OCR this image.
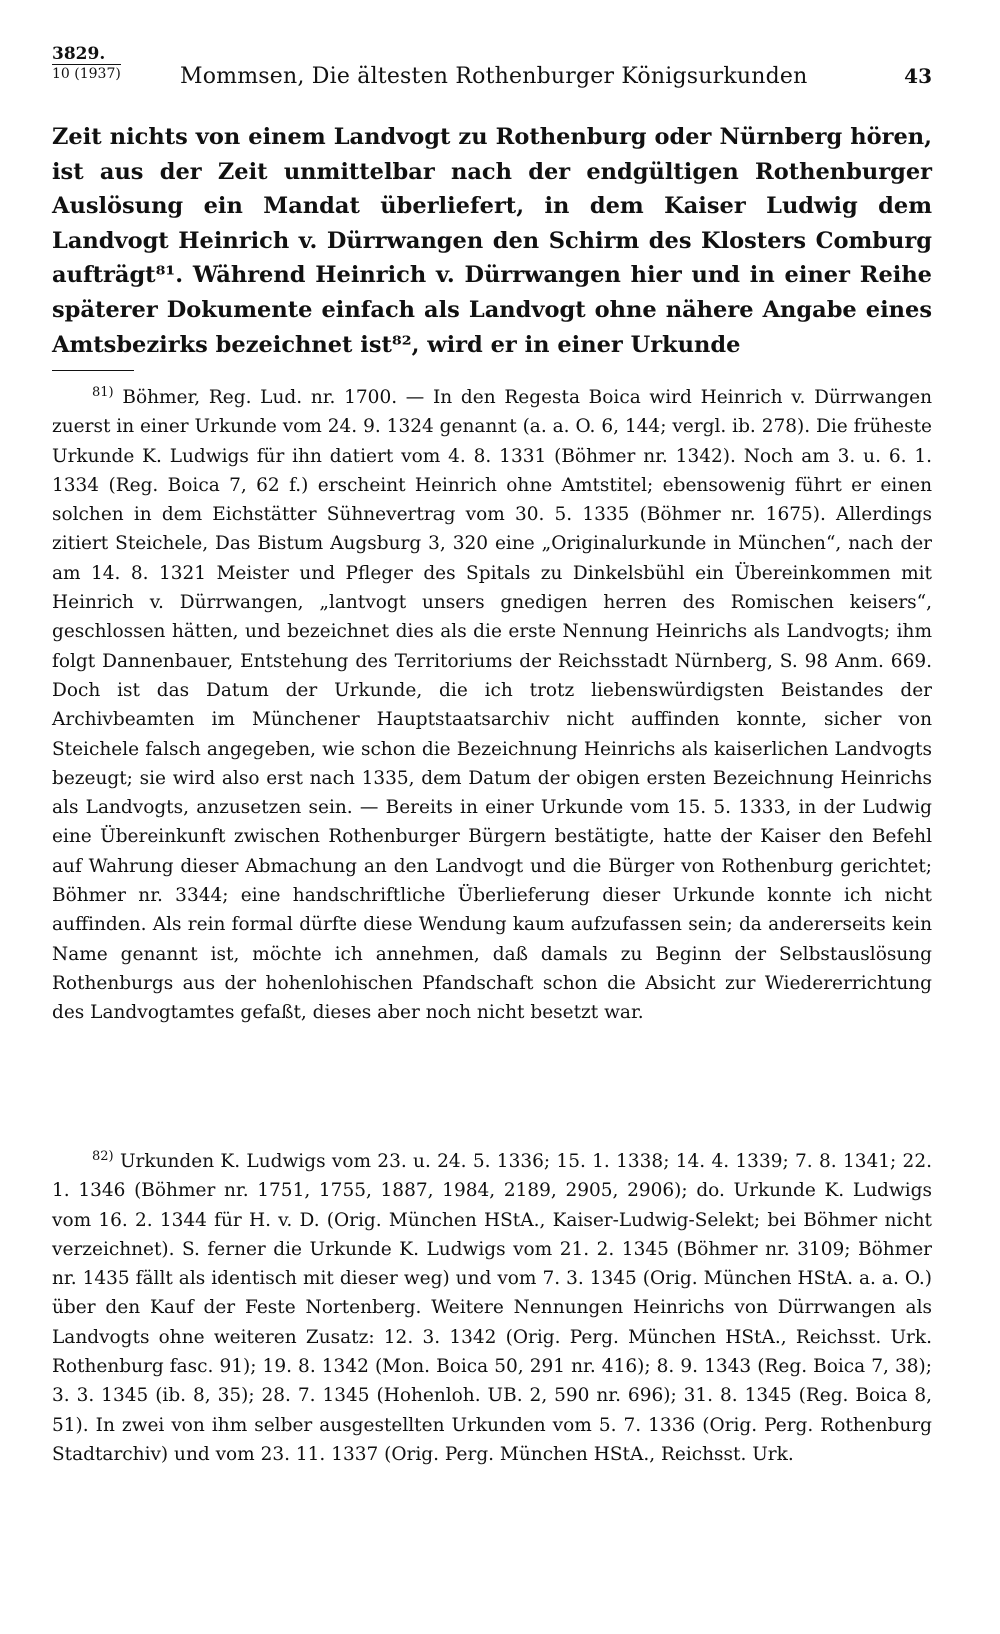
3829.
10 (1937)	Mommsen, Die ältesten Rothenburger Königsurkunden	43

Zeit nichts von einem Landvogt zu Rothenburg oder Nürnberg hören, ist aus der Zeit unmittelbar nach der endgültigen Rothenburger Auslösung ein Mandat überliefert, in dem Kaiser Ludwig dem Landvogt Heinrich v. Dürrwangen den Schirm des Klosters Comburg aufträgt⁸¹. Während Heinrich v. Dürrwangen hier und in einer Reihe späterer Dokumente einfach als Landvogt ohne nähere Angabe eines Amtsbezirks bezeichnet ist⁸², wird er in einer Urkunde

$^{81)}$ Böhmer, Reg. Lud. nr. 1700. — In den Regesta Boica wird Heinrich v. Dürrwangen zuerst in einer Urkunde vom 24. 9. 1324 genannt (a. a. O. 6, 144; vergl. ib. 278). Die früheste Urkunde K. Ludwigs für ihn datiert vom 4. 8. 1331 (Böhmer nr. 1342). Noch am 3. u. 6. 1. 1334 (Reg. Boica 7, 62 f.) erscheint Heinrich ohne Amtstitel; ebensowenig führt er einen solchen in dem Eichstätter Sühnevertrag vom 30. 5. 1335 (Böhmer nr. 1675). Allerdings zitiert Steichele, Das Bistum Augsburg 3, 320 eine „Originalurkunde in München“, nach der am 14. 8. 1321 Meister und Pfleger des Spitals zu Dinkelsbühl ein Übereinkommen mit Heinrich v. Dürrwangen, „lantvogt unsers gnedigen herren des Romischen keisers“, geschlossen hätten, und bezeichnet dies als die erste Nennung Heinrichs als Landvogts; ihm folgt Dannenbauer, Entstehung des Territoriums der Reichsstadt Nürnberg, S. 98 Anm. 669. Doch ist das Datum der Urkunde, die ich trotz liebenswürdigsten Beistandes der Archivbeamten im Münchener Hauptstaatsarchiv nicht auffinden konnte, sicher von Steichele falsch angegeben, wie schon die Bezeichnung Heinrichs als kaiserlichen Landvogts bezeugt; sie wird also erst nach 1335, dem Datum der obigen ersten Bezeichnung Heinrichs als Landvogts, anzusetzen sein. — Bereits in einer Urkunde vom 15. 5. 1333, in der Ludwig eine Übereinkunft zwischen Rothenburger Bürgern bestätigte, hatte der Kaiser den Befehl auf Wahrung dieser Abmachung an den Landvogt und die Bürger von Rothenburg gerichtet; Böhmer nr. 3344; eine handschriftliche Überlieferung dieser Urkunde konnte ich nicht auffinden. Als rein formal dürfte diese Wendung kaum aufzufassen sein; da andererseits kein Name genannt ist, möchte ich annehmen, daß damals zu Beginn der Selbstauslösung Rothenburgs aus der hohenlohischen Pfandschaft schon die Absicht zur Wiedererrichtung des Landvogtamtes gefaßt, dieses aber noch nicht besetzt war.

$^{82)}$ Urkunden K. Ludwigs vom 23. u. 24. 5. 1336; 15. 1. 1338; 14. 4. 1339; 7. 8. 1341; 22. 1. 1346 (Böhmer nr. 1751, 1755, 1887, 1984, 2189, 2905, 2906); do. Urkunde K. Ludwigs vom 16. 2. 1344 für H. v. D. (Orig. München HStA., Kaiser-Ludwig-Selekt; bei Böhmer nicht verzeichnet). S. ferner die Urkunde K. Ludwigs vom 21. 2. 1345 (Böhmer nr. 3109; Böhmer nr. 1435 fällt als identisch mit dieser weg) und vom 7. 3. 1345 (Orig. München HStA. a. a. O.) über den Kauf der Feste Nortenberg. Weitere Nennungen Heinrichs von Dürrwangen als Landvogts ohne weiteren Zusatz: 12. 3. 1342 (Orig. Perg. München HStA., Reichsst. Urk. Rothenburg fasc. 91); 19. 8. 1342 (Mon. Boica 50, 291 nr. 416); 8. 9. 1343 (Reg. Boica 7, 38); 3. 3. 1345 (ib. 8, 35); 28. 7. 1345 (Hohenloh. UB. 2, 590 nr. 696); 31. 8. 1345 (Reg. Boica 8, 51). In zwei von ihm selber ausgestellten Urkunden vom 5. 7. 1336 (Orig. Perg. Rothenburg Stadtarchiv) und vom 23. 11. 1337 (Orig. Perg. München HStA., Reichsst. Urk.
